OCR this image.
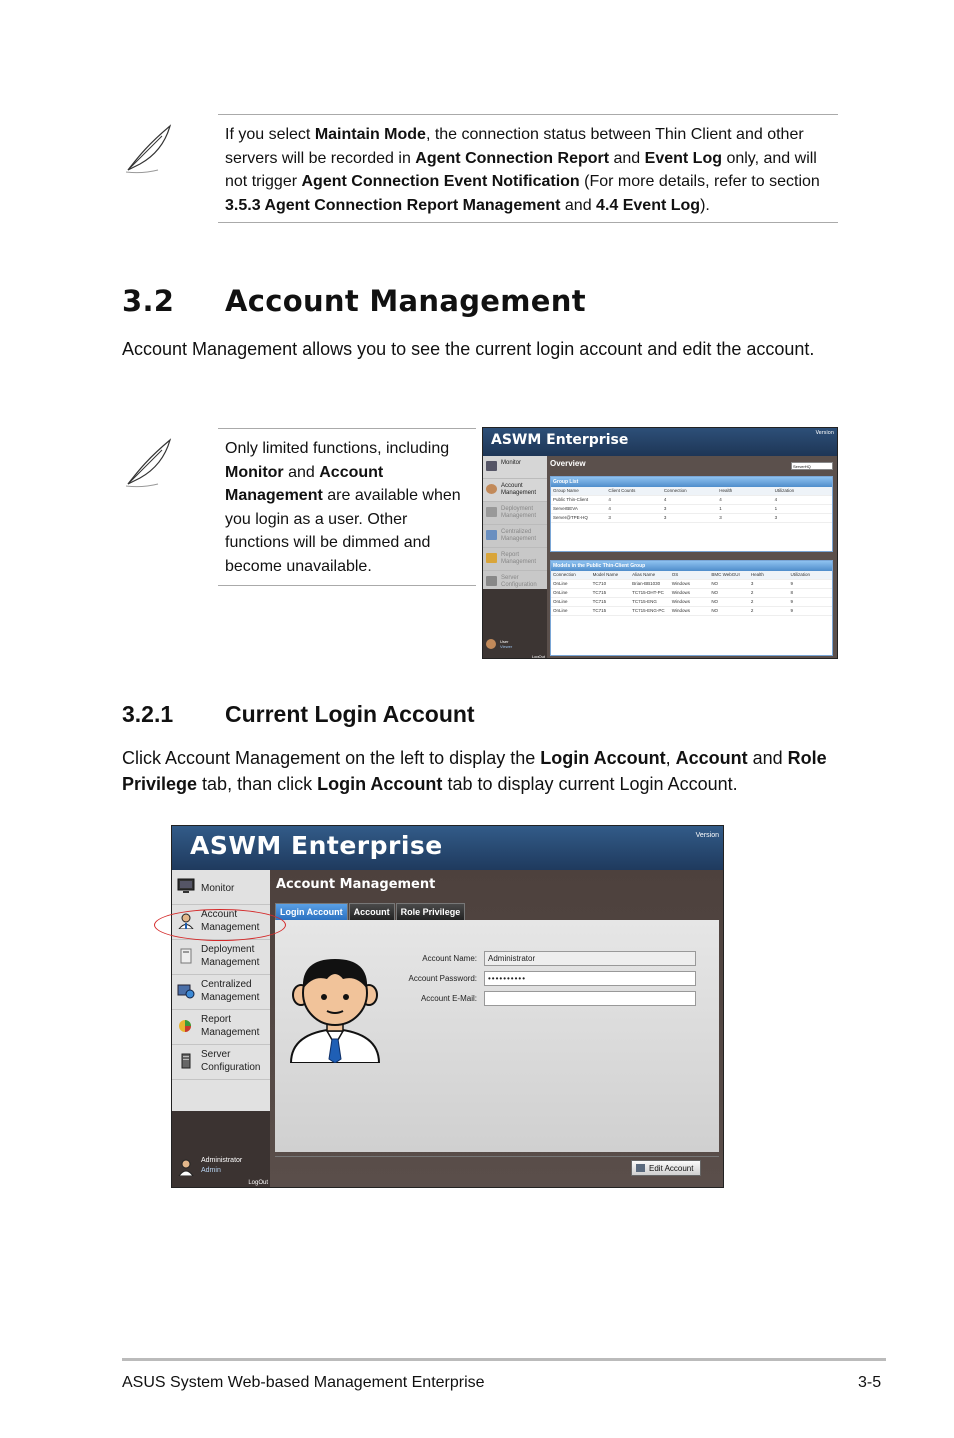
If you select Maintain Mode, the connection status between Thin Client and other servers will be recorded in Agent Connection Report and Event Log only, and will not trigger Agent Connection Event Notification (For more details, refer to section 3.5.3 Agent Connection Report Management and 4.4 Event Log).

3.2 Account Management

Account Management allows you to see the current login account and edit the account.

Only limited functions, including Monitor and Account Management are available when you login as a user. Other functions will be dimmed and become unavailable.

ASWM Enterprise	Version
Monitor
Account
Management
Deployment
Management
Centralized
Management
Report
Management
Server
Configuration
User
Viewer
LogOut
Overview	ServerHQ
Group List
Group Name	Client Counts	Connection	Health	Utilization
Public Thin-Client	4	4	4	4
ServerBEVA	4	3	1	1
Server@TPE-HQ	3	3	3	3
Models in the Public Thin-Client Group
Connection	Model Name	Alias Name	OS	BMC WebGUI	Health	Utilization
OnLine	TC710	Brian-BB1030	Windows	NO	3	9
OnLine	TC715	TC715-DHT-PC	Windows	NO	2	8
OnLine	TC715	TC715-ENG	Windows	NO	2	9
OnLine	TC715	TC715-ENG-PC	Windows	NO	2	9
3.2.1 Current Login Account

Click Account Management on the left to display the Login Account, Account and Role Privilege tab, than click Login Account tab to display current Login Account.

ASWM Enterprise	Version
Monitor
Account
Management
Deployment
Management
Centralized
Management
Report
Management
Server
Configuration
Administrator
Admin
LogOut
Account Management
Login Account	Account	Role Privilege
Account Name:	Administrator
Account Password:	••••••••••
Account E-Mail:
Edit Account
ASUS System Web-based Management Enterprise	3-5
